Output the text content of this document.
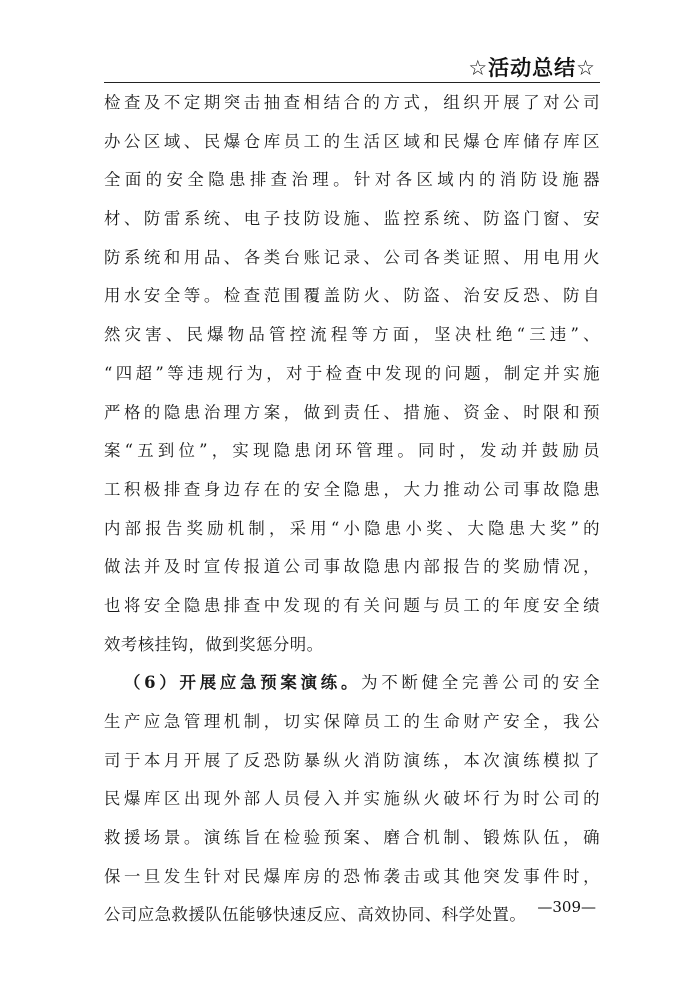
☆活动总结☆
检查及不定期突击抽查相结合的方式，组织开展了对公司
办公区域、民爆仓库员工的生活区域和民爆仓库储存库区
全面的安全隐患排查治理。针对各区域内的消防设施器
材、防雷系统、电子技防设施、监控系统、防盗门窗、安
防系统和用品、各类台账记录、公司各类证照、用电用火
用水安全等。检查范围覆盖防火、防盗、治安反恐、防自
然灾害、民爆物品管控流程等方面，坚决杜绝“三违”、
“四超”等违规行为，对于检查中发现的问题，制定并实施
严格的隐患治理方案，做到责任、措施、资金、时限和预
案“五到位”，实现隐患闭环管理。同时，发动并鼓励员
工积极排查身边存在的安全隐患，大力推动公司事故隐患
内部报告奖励机制，采用“小隐患小奖、大隐患大奖”的
做法并及时宣传报道公司事故隐患内部报告的奖励情况，
也将安全隐患排查中发现的有关问题与员工的年度安全绩
效考核挂钩，做到奖惩分明。
（6）开展应急预案演练。为不断健全完善公司的安全
生产应急管理机制，切实保障员工的生命财产安全，我公
司于本月开展了反恐防暴纵火消防演练，本次演练模拟了
民爆库区出现外部人员侵入并实施纵火破坏行为时公司的
救援场景。演练旨在检验预案、磨合机制、锻炼队伍，确
保一旦发生针对民爆库房的恐怖袭击或其他突发事件时，
公司应急救援队伍能够快速反应、高效协同、科学处置。 —309—
